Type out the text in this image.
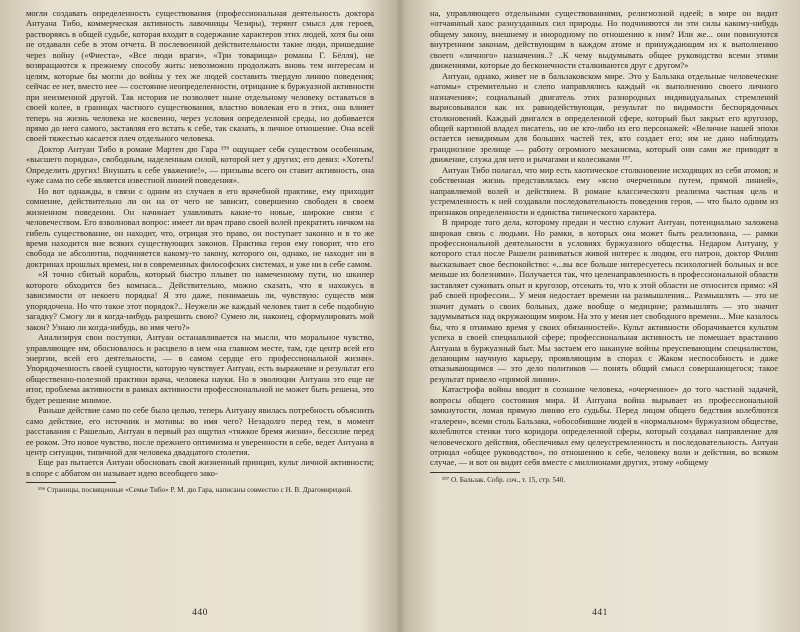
могли создавать определенность существования (профессиональная деятельность доктора Антуана Тибо, коммерческая активность лавочницы Чезиры), теряют смысл для героев, растворяясь в общей судьбе, которая входит в содержание характеров этих людей, хотя бы они не отдавали себе в этом отчета. В послевоенной действительности такие люди, пришедшие через войну («Фиеста», «Все люди враги», «Три товарища» романы Г. Бёлля), не возвращаются к прежнему способу жить: невозможно продолжать вновь тем интересам и целям, которые бы могли до войны у тех же людей составить твердую линию поведения; сейчас ее нет, вместо нее — состояние неопределенности, отрицание к буржуазной активности при неизменной другой. Так история не позволяет ныне отдельному человеку оставаться в своей колее, в границах частного существования, властно вовлекая его в этих, она влияет теперь на жизнь человека не косвенно, через условия определенной среды, но добивается прямо до него самого, заставляя его встать к себе, так сказать, в личное отношение. Она всей своей тяжестью касается плеч отдельного человека.

Доктор Антуан Тибо в романе Мартен дю Гара ¹⁹⁶ ощущает себя существом особенным, «высшего порядка», свободным, наделенным силой, которой нет у других; его девиз: «Хотеть! Определить других! Внушать к себе уважение!», — призывы всего он ставит активность, она «уже сама по себе является известной линией поведения».

Но вот однажды, в связи с одним из случаев в его врачебной практике, ему приходит сомнение, действительно ли он на от чего не зависит, совершенно свободен в своем жизненном поведении. Он начинает улавливать какие-то новые, широкие связи с человечеством. Его взволновал вопрос: имеет ли врач право своей волей прекратить ничком на гибель существование, он находит, что, отрицая это право, он поступает законно и в то же время находится вне всяких существующих законов. Практика героя ему говорит, что его свобода не абсолютна, подчиняется какому-то закону, которого он, однако, не находит ни в доктринах прошлых времен, ни в современных философских системах, и уже ни в себе самом.

«Я точно сбитый корабль, который быстро плывет по намеченному пути, но шкипер которого обходится без компаса... Действительно, можно сказать, что я нахожусь в зависимости от некоего порядка! Я это даже, понимаешь ли, чувствую: существ моя упорядочена. Но что такое этот порядок?.. Неужели же каждый человек таит в себе подобную загадку? Смогу ли я когда-нибудь разрешить свою? Сумею ли, наконец, сформулировать мой закон? Узнаю ли когда-нибудь, во имя чего?»

Анализируя свои поступки, Антуан останавливается на мысли, что моральное чувство, управляющее им, обосновалось и расцвело в нем «на главном месте, там, где центр всей его энергии, всей его деятельности, — в самом сердце его профессиональной жизни». Упорядоченность своей сущности, которую чувствует Антуан, есть выражение и результат его общественно-полезной практики врача, человека науки. Но в эволюции Антуана это еще не итог, проблема активности в рамках активности профессиональной не может быть решена, это будет решение мнимое.

Раньше действие само по себе было целью, теперь Антуану явилась потребность объяснить само действие, его источник и мотивы: во имя чего? Незадолго перед тем, в момент расставания с Рашелью, Антуан в первый раз ощутил «тяжкое бремя жизни», бессилие перед ее роком. Это новое чувство, после прежнего оптимизма и уверенности в себе, ведет Антуана в центр ситуации, типичной для человека двадцатого столетия.

Еще раз пытается Антуан обосновать свой жизненный принцип, культ личной активности; в споре с аббатом он называет идею всеобщего зако-

¹⁹⁶ Страницы, посвященные «Семье Тибо» Р. М. дю Гара, написаны совместно с Н. В. Драгомирецкой.

440

на, управляющего отдельными существованиями, религиозной идеей; в мире он видит «отчаянный хаос разнузданных сил природы. Но подчиняются ли эти силы какому-нибудь общему закону, внешнему и инородному по отношению к ним? Или же... они повинуются внутренним законам, действующим в каждом атоме и принуждающим их к выполнению своего «личного» назначения..? ..К чему выдумывать общее руководство всеми этими движениями, которые до бесконечности сталкиваются друг с другом?»

Антуан, однако, живет не в бальзаковском мире. Это у Бальзака отдельные человеческие «атомы» стремительно и слепо направлялись каждый «к выполнению своего личного назначения»; социальный двигатель этих разнородных индивидуальных стремлений вырисовывался как их равнодействующая, результат по видимости беспорядочных столкновений. Каждый двигался в определенной сфере, который был закрыт его кругозор, общей картиной владел писатель, но не кто-либо из его персонажей: «Величие нашей эпохи остается невидимым для больших частей тех, кто создает его; им не дано наблюдать грандиозное зрелище — работу огромного механизма, который они сами же приводят в движение, служа для него и рычагами и колесиками ¹⁹⁷.

Антуан Тибо полагал, что мир есть хаотическое столкновение исходящих из себя атомов; и собственная жизнь представлялась ему «ясно очерченным путем, прямой линией», направляемой волей и действием. В романе классического реализма частная цель и устремленность к ней создавали последовательность поведения героя, — что было одним из признаков определенности и единства типического характера.

В природе того дела, которому предан и честно служит Антуан, потенциально заложена широкая связь с людьми. Но рамки, в которых она может быть реализована, — рамки профессиональной деятельности в условиях буржуазного общества. Недаром Антуану, у которого стал после Рашели развиваться живой интерес к людям, его патрон, доктор Филип высказывает свое беспокойство: «...вы все больше интересуетесь психологией больных и все меньше их болезнями». Получается так, что целенаправленность в профессиональной области заставляет суживать опыт и кругозор, отсекать то, что к этой области не относится прямо: «Я раб своей профессии... У меня недостает времени на размышления... Размышлять — это не значит думать о своих больных, даже вообще о медицине; размышлять — это значит задумываться над окружающим миром. На это у меня нет свободного времени... Мне казалось бы, что я отнимаю время у своих обязанностей». Культ активности оборачивается культом успеха в своей специальной сфере; профессиональная активность не помешает врастанию Антуана в буржуазный быт. Мы застаем его накануне войны преуспевающим специалистом, делающим научную карьеру, проявляющим в спорах с Жаком неспособность и даже отказывающимся — это дело политиков — понять общий смысл совершающегося; такое результат привело «прямой линии».

Катастрофа войны вводит в сознание человека, «очерченное» до того частной задачей, вопросы общего состояния мира. И Антуана война вырывает из профессиональной замкнутости, ломая прямую линию его судьбы. Перед лицом общего бедствия колеблются «галереи», всеми столь Бальзака, «обособившие людей в «нормальном» буржуазном обществе, колеблются стенки того коридора определенной сферы, который создавал направление для человеческого действия, обеспечивал ему целеустремленность и последовательность. Антуан отрицал «общее руководство», по отношению к себе, человеку воли и действия, во всяком случае, — и вот он видит себя вместе с миллионами других, этому «общему

¹⁹⁷ О. Бальзак. Собр. соч., т. 15, стр. 540.

441
